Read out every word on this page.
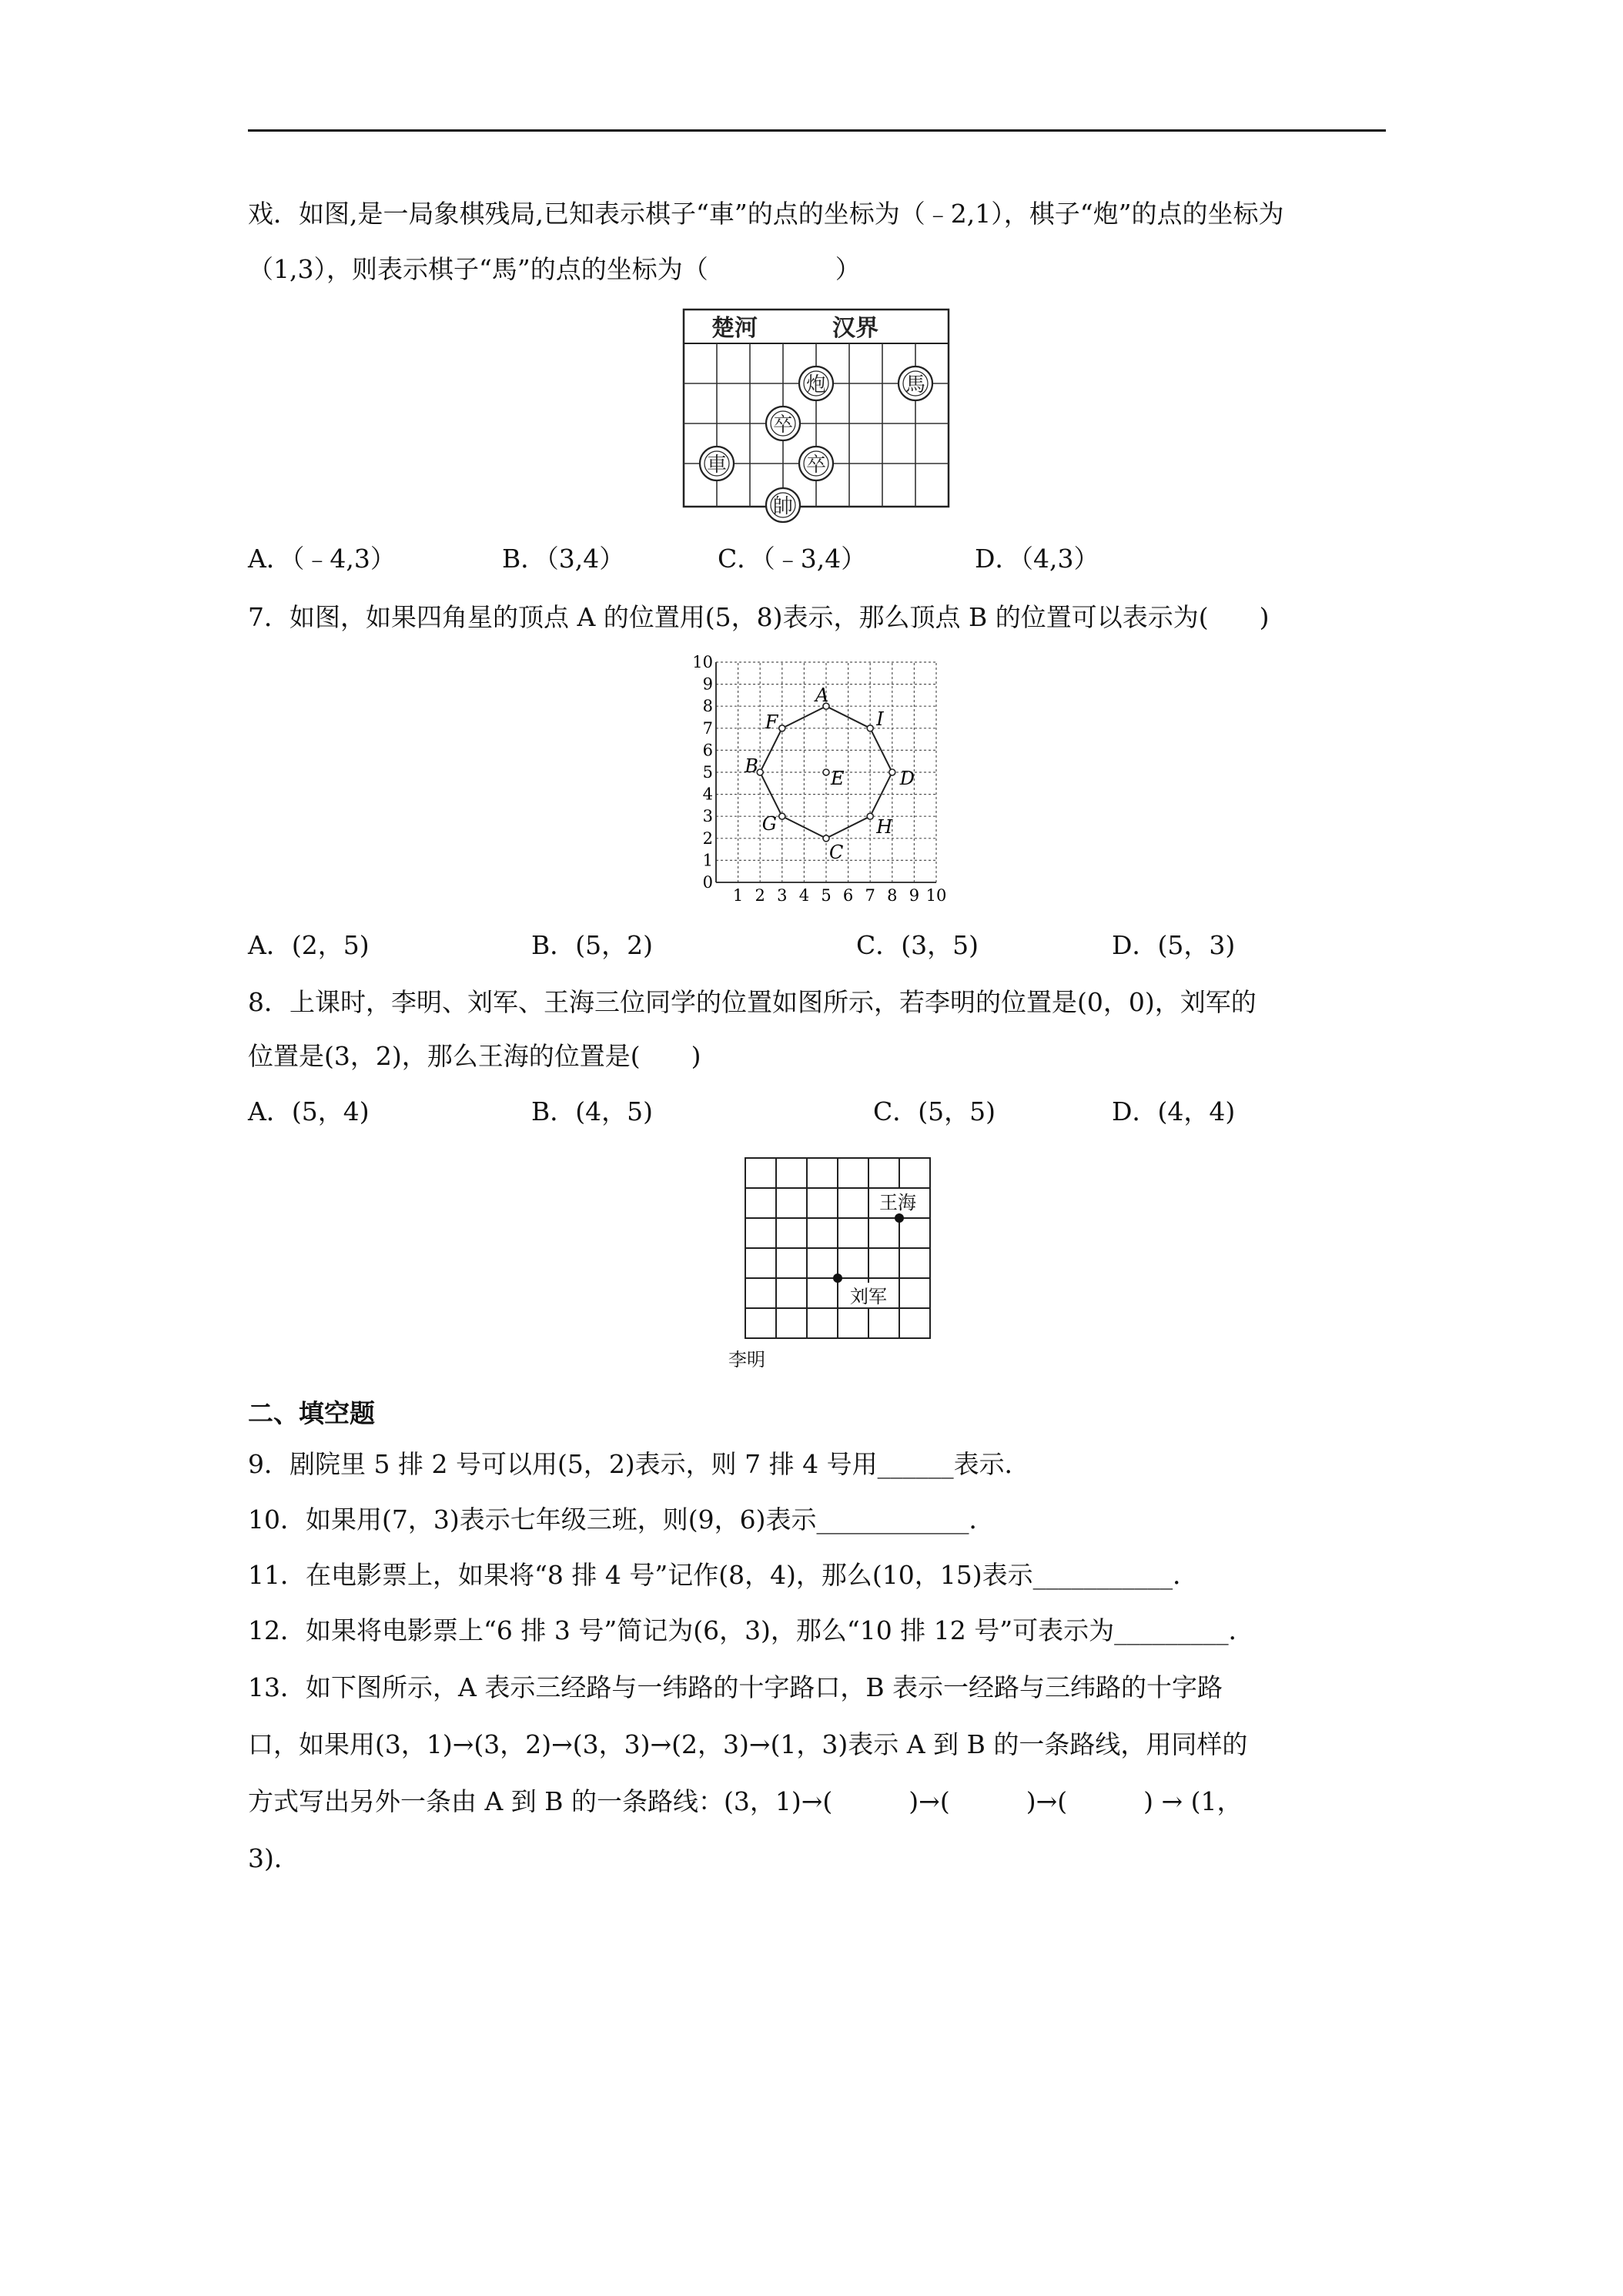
戏．如图,是一局象棋残局,已知表示棋子“車”的点的坐标为（﹣2,1），棋子“炮”的点的坐标为
（1,3），则表示棋子“馬”的点的坐标为（　　　　　）
楚河	汉界
炮	馬
卒
車	卒
帥
A．（﹣4,3）	B．（3,4）	C．（﹣3,4）	D．（4,3）
7．如图，如果四角星的顶点 A 的位置用(5，8)表示，那么顶点 B 的位置可以表示为(　　)
0
1
2
3
4
5
6
7
8
9
10
1 2 3 4 5 6 7 8 9 10
A
B
C
D
E
F	I
G	H
A．(2，5)	B．(5，2)	C．(3，5)	D．(5，3)
8．上课时，李明、刘军、王海三位同学的位置如图所示，若李明的位置是(0，0)，刘军的
位置是(3，2)，那么王海的位置是(　　)
A．(5，4)	B．(4，5)	C．(5，5)	D．(4，4)
王海
刘军
李明
二、填空题
9．剧院里 5 排 2 号可以用(5，2)表示，则 7 排 4 号用______表示．
10．如果用(7，3)表示七年级三班，则(9，6)表示____________．
11．在电影票上，如果将“8 排 4 号”记作(8，4)，那么(10，15)表示___________．
12．如果将电影票上“6 排 3 号”简记为(6，3)，那么“10 排 12 号”可表示为_________．
13．如下图所示，A 表示三经路与一纬路的十字路口，B 表示一经路与三纬路的十字路
口，如果用(3，1)→(3，2)→(3，3)→(2，3)→(1，3)表示 A 到 B 的一条路线，用同样的
方式写出另外一条由 A 到 B 的一条路线：(3，1)→(　　　)→(　　　)→(　　　) → (1，
3)．
